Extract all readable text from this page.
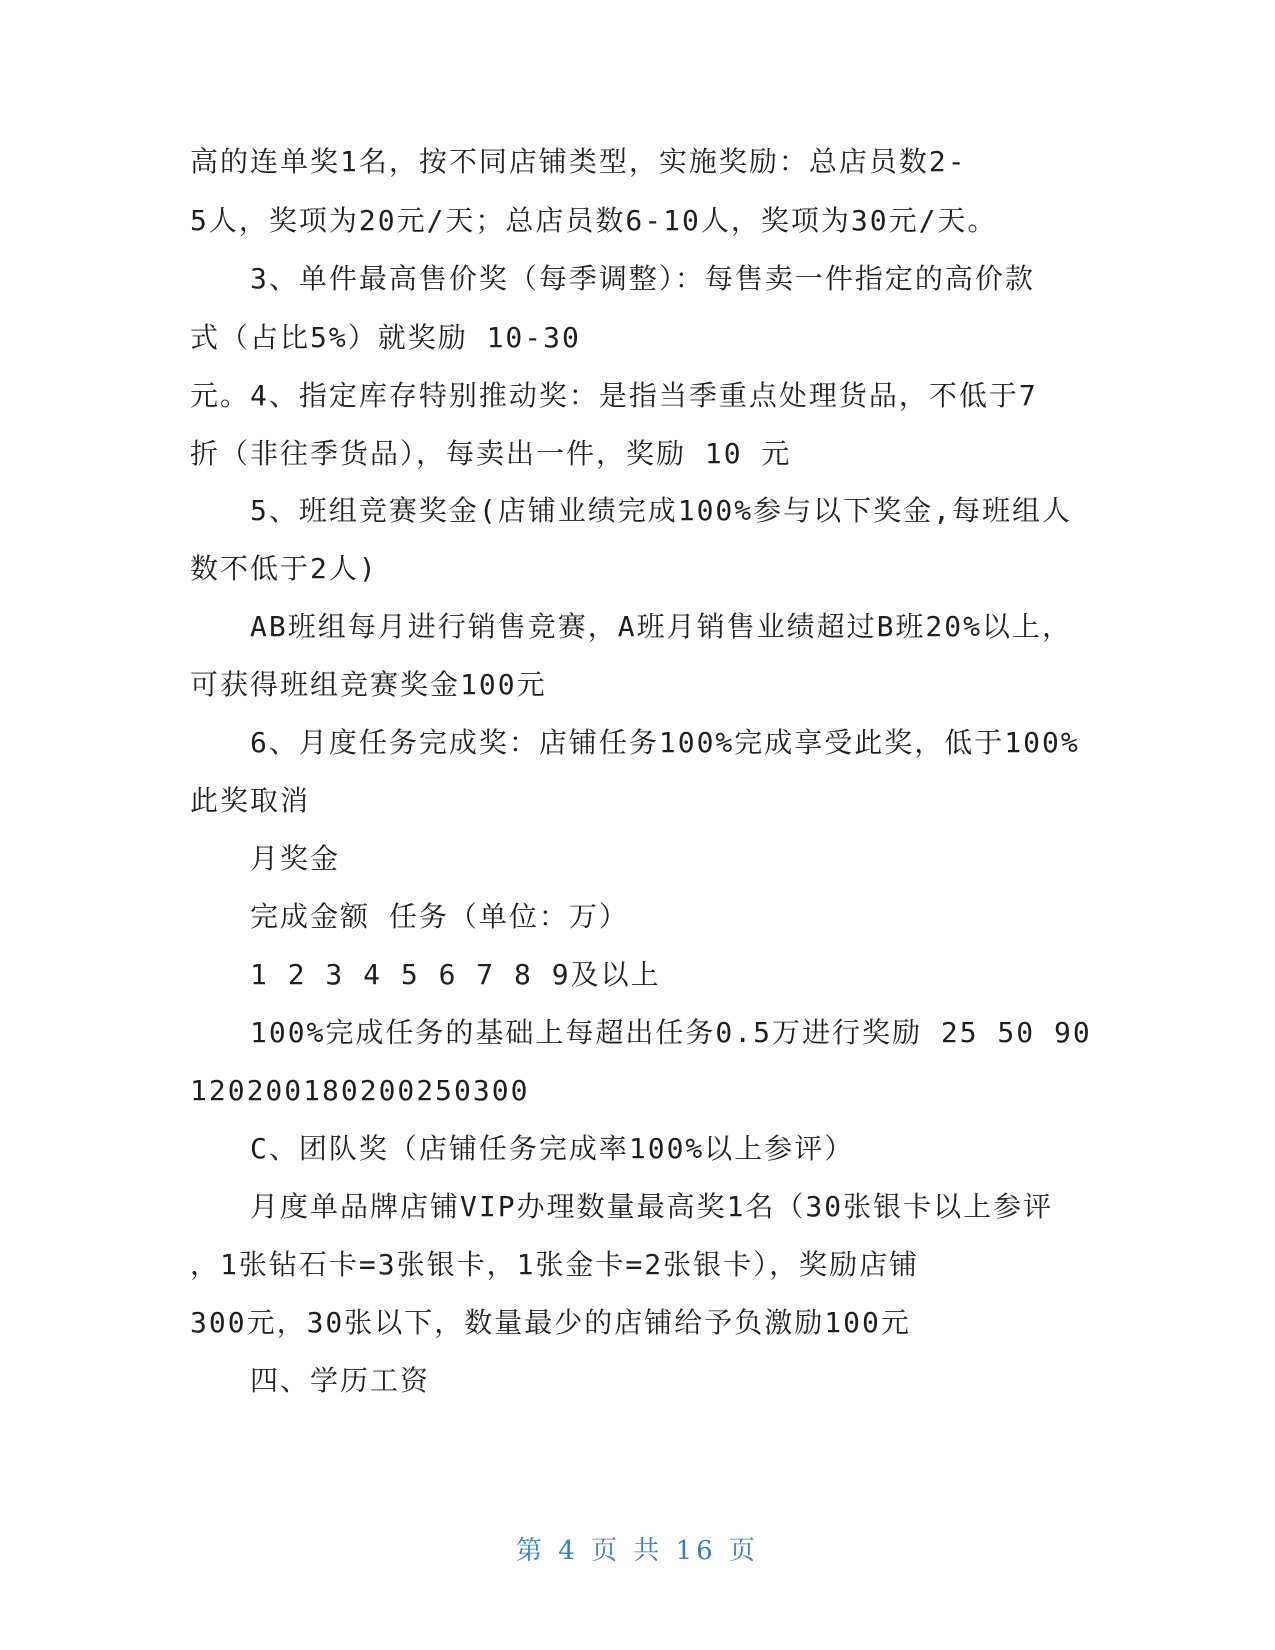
高的连单奖1名，按不同店铺类型，实施奖励：总店员数2-
5人，奖项为20元/天；总店员数6-10人，奖项为30元/天。
3、单件最高售价奖（每季调整）：每售卖一件指定的高价款
式（占比5%）就奖励 10-30
元。4、指定库存特别推动奖：是指当季重点处理货品，不低于7
折（非往季货品），每卖出一件，奖励 10 元
5、班组竞赛奖金(店铺业绩完成100%参与以下奖金,每班组人
数不低于2人)
AB班组每月进行销售竞赛，A班月销售业绩超过B班20%以上，
可获得班组竞赛奖金100元
6、月度任务完成奖：店铺任务100%完成享受此奖，低于100%
此奖取消
月奖金
完成金额 任务（单位：万）
1 2 3 4 5 6 7 8 9及以上
100%完成任务的基础上每超出任务0.5万进行奖励 25 50 90
120200180200250300
C、团队奖（店铺任务完成率100%以上参评）
月度单品牌店铺VIP办理数量最高奖1名（30张银卡以上参评
，1张钻石卡=3张银卡，1张金卡=2张银卡），奖励店铺
300元，30张以下，数量最少的店铺给予负激励100元
四、学历工资
第 4 页 共 16 页
